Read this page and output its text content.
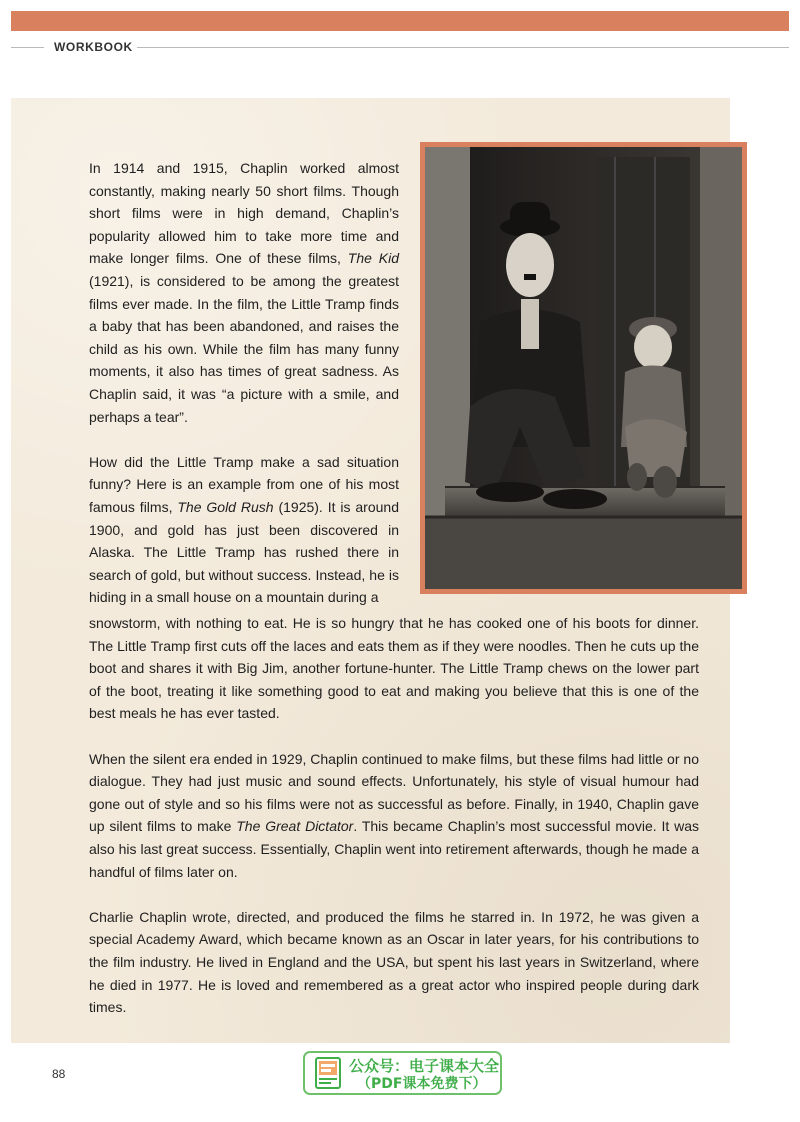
WORKBOOK

In 1914 and 1915, Chaplin worked almost constantly, making nearly 50 short films. Though short films were in high demand, Chaplin’s popularity allowed him to take more time and make longer films. One of these films, The Kid (1921), is considered to be among the greatest films ever made. In the film, the Little Tramp finds a baby that has been abandoned, and raises the child as his own. While the film has many funny moments, it also has times of great sadness. As Chaplin said, it was “a picture with a smile, and perhaps a tear”.

How did the Little Tramp make a sad situation funny? Here is an example from one of his most famous films, The Gold Rush (1925). It is around 1900, and gold has just been discovered in Alaska. The Little Tramp has rushed there in search of gold, but without success. Instead, he is hiding in a small house on a mountain during a

snowstorm, with nothing to eat. He is so hungry that he has cooked one of his boots for dinner. The Little Tramp first cuts off the laces and eats them as if they were noodles. Then he cuts up the boot and shares it with Big Jim, another fortune-hunter. The Little Tramp chews on the lower part of the boot, treating it like something good to eat and making you believe that this is one of the best meals he has ever tasted.

When the silent era ended in 1929, Chaplin continued to make films, but these films had little or no dialogue. They had just music and sound effects. Unfortunately, his style of visual humour had gone out of style and so his films were not as successful as before. Finally, in 1940, Chaplin gave up silent films to make The Great Dictator. This became Chaplin’s most successful movie. It was also his last great success. Essentially, Chaplin went into retirement afterwards, though he made a handful of films later on.

Charlie Chaplin wrote, directed, and produced the films he starred in. In 1972, he was given a special Academy Award, which became known as an Oscar in later years, for his contributions to the film industry. He lived in England and the USA, but spent his last years in Switzerland, where he died in 1977. He is loved and remembered as a great actor who inspired people during dark times.

88	公众号：电子课本大全
（PDF课本免费下）
